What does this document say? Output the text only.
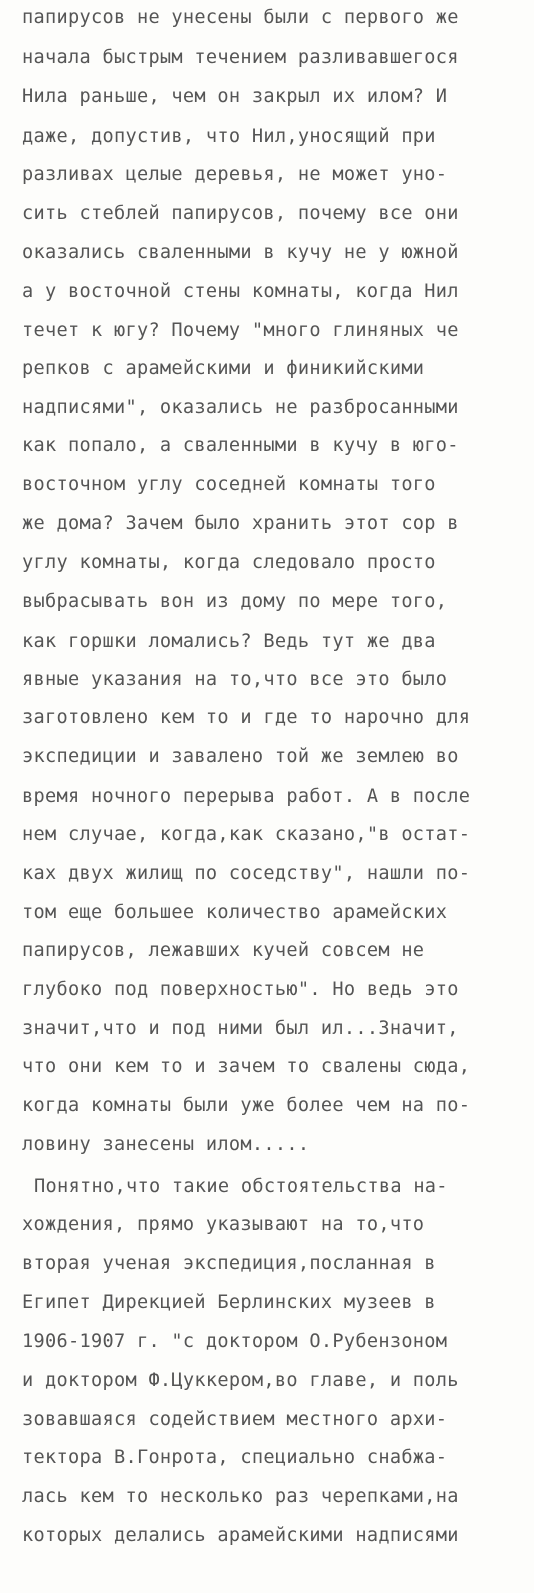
папирусов не унесены были с первого же
начала быстрым течением разливавшегося
Нила раньше, чем он закрыл их илом? И
даже, допустив, что Нил,уносящий при
разливах целые деревья, не может уно-
сить стеблей папирусов, почему все они
оказались сваленными в кучу не у южной
а у восточной стены комнаты, когда Нил
течет к югу? Почему "много глиняных че
репков с арамейскими и финикийскими
надписями", оказались не разбросанными
как попало, а сваленными в кучу в юго-
восточном углу соседней комнаты того
же дома? Зачем было хранить этот сор в
углу комнаты, когда следовало просто
выбрасывать вон из дому по мере того,
как горшки ломались? Ведь тут же два
явные указания на то,что все это было
заготовлено кем то и где то нарочно для
экспедиции и завалено той же землею во
время ночного перерыва работ. А в после
нем случае, когда,как сказано,"в остат-
ках двух жилищ по соседству", нашли по-
том еще большее количество арамейских
папирусов, лежавших кучей совсем не
глубоко под поверхностью". Но ведь это
значит,что и под ними был ил...Значит,
что они кем то и зачем то свалены сюда,
когда комнаты были уже более чем на по-
ловину занесены илом.....
Понятно,что такие обстоятельства на-
хождения, прямо указывают на то,что
вторая ученая экспедиция,посланная в
Египет Дирекцией Берлинских музеев в
1906-1907 г. "с доктором О.Рубензоном
и доктором Ф.Цуккером,во главе, и поль
зовавшаяся содействием местного архи-
тектора В.Гонрота, специально снабжа-
лась кем то несколько раз черепками,на
которых делались арамейскими надписями
